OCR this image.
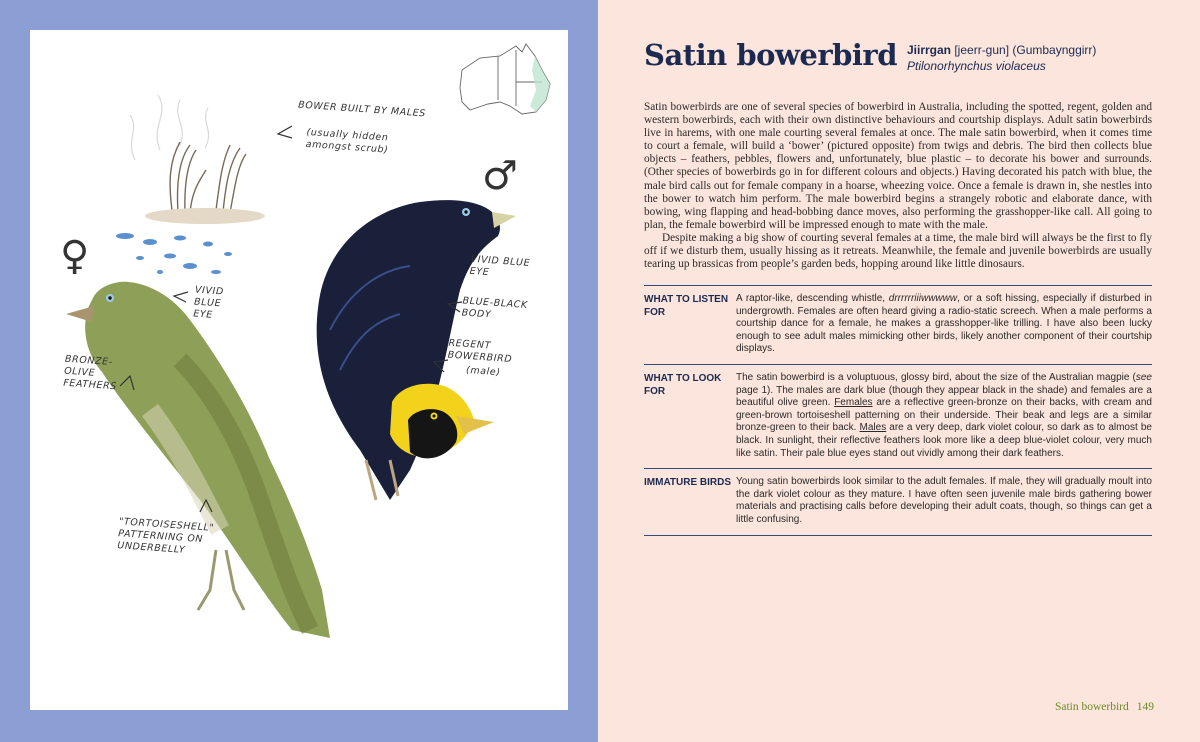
BOWER BUILT BY MALES
(usually hidden amongst scrub)
♂
♀	VIVID BLUE EYE
VIVID BLUE EYE
BLUE-BLACK BODY
BRONZE-OLIVE FEATHERS
REGENT BOWERBIRD
(male)
"TORTOISESHELL" PATTERNING ON UNDERBELLY
Satin bowerbird Jiirrgan [jeerr-gun] (Gumbaynggirr)
Ptilonorhynchus violaceus

Satin bowerbirds are one of several species of bowerbird in Australia, including the spotted, regent, golden and western bowerbirds, each with their own distinctive behaviours and courtship displays. Adult satin bowerbirds live in harems, with one male courting several females at once. The male satin bowerbird, when it comes time to court a female, will build a ‘bower’ (pictured opposite) from twigs and debris. The bird then collects blue objects – feathers, pebbles, flowers and, unfortunately, blue plastic – to decorate his bower and surrounds. (Other species of bowerbirds go in for different colours and objects.) Having decorated his patch with blue, the male bird calls out for female company in a hoarse, wheezing voice. Once a female is drawn in, she nestles into the bower to watch him perform. The male bowerbird begins a strangely robotic and elaborate dance, with bowing, wing flapping and head-bobbing dance moves, also performing the grasshopper-like call. All going to plan, the female bowerbird will be impressed enough to mate with the male.

Despite making a big show of courting several females at a time, the male bird will always be the first to fly off if we disturb them, usually hissing as it retreats. Meanwhile, the female and juvenile bowerbirds are usually tearing up brassicas from people’s garden beds, hopping around like little dinosaurs.

WHAT TO LISTEN FOR
A raptor-like, descending whistle, drrrrrriiiwwwww, or a soft hissing, especially if disturbed in undergrowth. Females are often heard giving a radio-static screech. When a male performs a courtship dance for a female, he makes a grasshopper-like trilling. I have also been lucky enough to see adult males mimicking other birds, likely another component of their courtship displays.
WHAT TO LOOK FOR
The satin bowerbird is a voluptuous, glossy bird, about the size of the Australian magpie (see page 1). The males are dark blue (though they appear black in the shade) and females are a beautiful olive green. Females are a reflective green-bronze on their backs, with cream and green-brown tortoiseshell patterning on their underside. Their beak and legs are a similar bronze-green to their back. Males are a very deep, dark violet colour, so dark as to almost be black. In sunlight, their reflective feathers look more like a deep blue-violet colour, very much like satin. Their pale blue eyes stand out vividly among their dark feathers.
IMMATURE BIRDS Young satin bowerbirds look similar to the adult females. If male, they will gradually moult into the dark violet colour as they mature. I have often seen juvenile male birds gathering bower materials and practising calls before developing their adult coats, though, so things can get a little confusing.
Satin bowerbird 149
